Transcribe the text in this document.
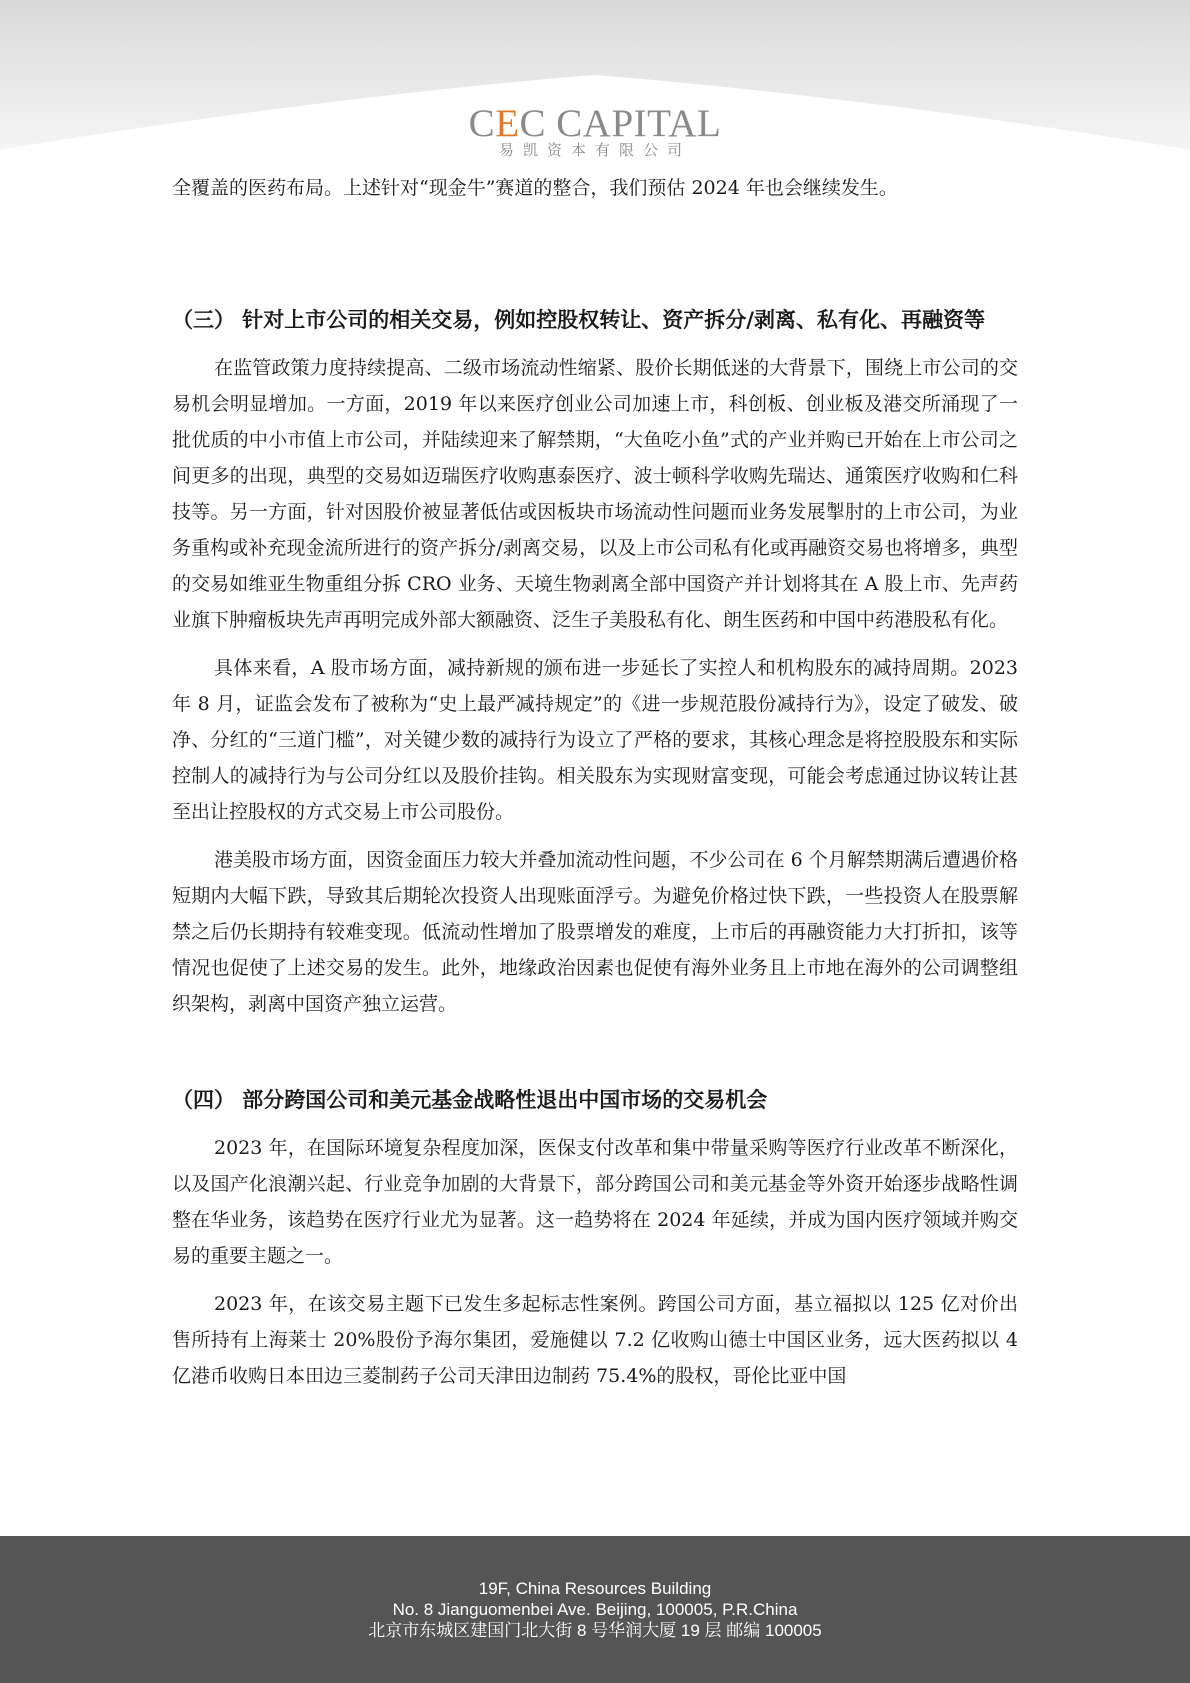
CEC CAPITAL
易凯资本有限公司

全覆盖的医药布局。上述针对“现金牛”赛道的整合，我们预估 2024 年也会继续发生。

（三） 针对上市公司的相关交易，例如控股权转让、资产拆分/剥离、私有化、再融资等

在监管政策力度持续提高、二级市场流动性缩紧、股价长期低迷的大背景下，围绕上市公司的交易机会明显增加。一方面，2019 年以来医疗创业公司加速上市，科创板、创业板及港交所涌现了一批优质的中小市值上市公司，并陆续迎来了解禁期，“大鱼吃小鱼”式的产业并购已开始在上市公司之间更多的出现，典型的交易如迈瑞医疗收购惠泰医疗、波士顿科学收购先瑞达、通策医疗收购和仁科技等。另一方面，针对因股价被显著低估或因板块市场流动性问题而业务发展掣肘的上市公司，为业务重构或补充现金流所进行的资产拆分/剥离交易，以及上市公司私有化或再融资交易也将增多，典型的交易如维亚生物重组分拆 CRO 业务、天境生物剥离全部中国资产并计划将其在 A 股上市、先声药业旗下肿瘤板块先声再明完成外部大额融资、泛生子美股私有化、朗生医药和中国中药港股私有化。

具体来看，A 股市场方面，减持新规的颁布进一步延长了实控人和机构股东的减持周期。2023 年 8 月，证监会发布了被称为“史上最严减持规定”的《进一步规范股份减持行为》，设定了破发、破净、分红的“三道门槛”，对关键少数的减持行为设立了严格的要求，其核心理念是将控股股东和实际控制人的减持行为与公司分红以及股价挂钩。相关股东为实现财富变现，可能会考虑通过协议转让甚至出让控股权的方式交易上市公司股份。

港美股市场方面，因资金面压力较大并叠加流动性问题，不少公司在 6 个月解禁期满后遭遇价格短期内大幅下跌，导致其后期轮次投资人出现账面浮亏。为避免价格过快下跌，一些投资人在股票解禁之后仍长期持有较难变现。低流动性增加了股票增发的难度，上市后的再融资能力大打折扣，该等情况也促使了上述交易的发生。此外，地缘政治因素也促使有海外业务且上市地在海外的公司调整组织架构，剥离中国资产独立运营。

（四） 部分跨国公司和美元基金战略性退出中国市场的交易机会

2023 年，在国际环境复杂程度加深，医保支付改革和集中带量采购等医疗行业改革不断深化，以及国产化浪潮兴起、行业竞争加剧的大背景下，部分跨国公司和美元基金等外资开始逐步战略性调整在华业务，该趋势在医疗行业尤为显著。这一趋势将在 2024 年延续，并成为国内医疗领域并购交易的重要主题之一。

2023 年，在该交易主题下已发生多起标志性案例。跨国公司方面，基立福拟以 125 亿对价出售所持有上海莱士 20%股份予海尔集团，爱施健以 7.2 亿收购山德士中国区业务，远大医药拟以 4 亿港币收购日本田边三菱制药子公司天津田边制药 75.4%的股权，哥伦比亚中国

19F, China Resources Building
No. 8 Jianguomenbei Ave. Beijing, 100005, P.R.China
北京市东城区建国门北大街 8 号华润大厦 19 层 邮编 100005
